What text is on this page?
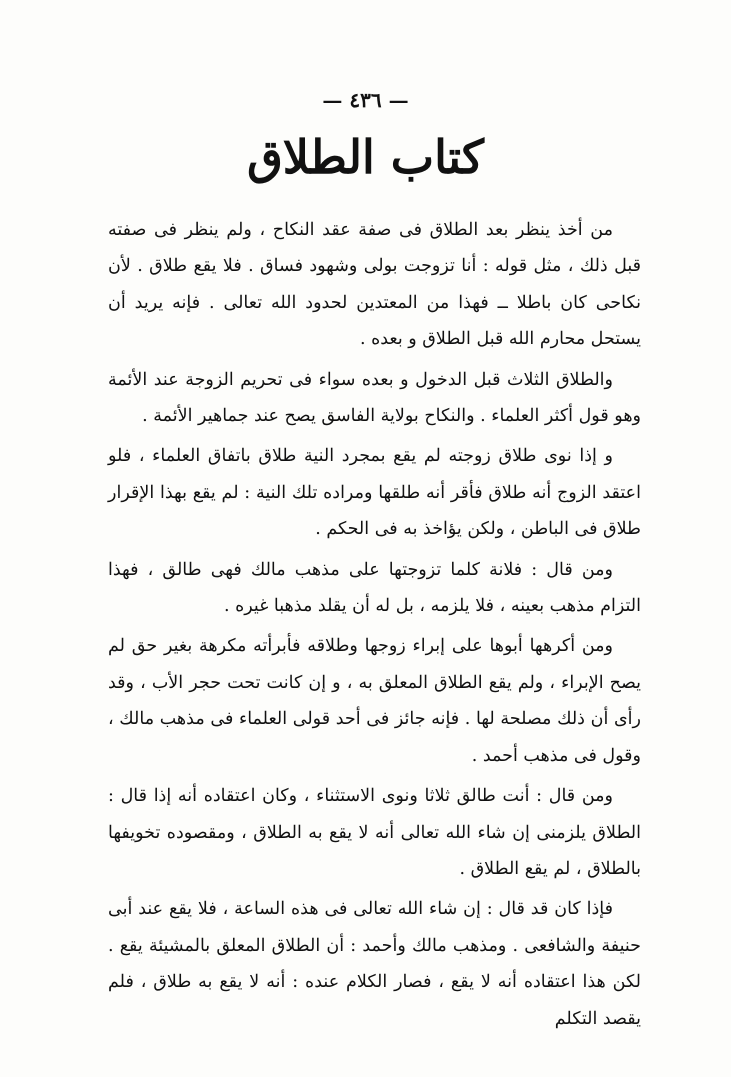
— ٤٣٦ —
كتاب الطلاق

من أخذ ينظر بعد الطلاق فى صفة عقد النكاح ، ولم ينظر فى صفته قبل ذلك ، مثل قوله : أنا تزوجت بولى وشهود فساق . فلا يقع طلاق . لأن نكاحى كان باطلا ــ فهذا من المعتدين لحدود الله تعالى . فإنه يريد أن يستحل محارم الله قبل الطلاق و بعده .

والطلاق الثلاث قبل الدخول و بعده سواء فى تحريم الزوجة عند الأئمة وهو قول أكثر العلماء . والنكاح بولاية الفاسق يصح عند جماهير الأئمة .

و إذا نوى طلاق زوجته لم يقع بمجرد النية طلاق باتفاق العلماء ، فلو اعتقد الزوج أنه طلاق فأقر أنه طلقها ومراده تلك النية : لم يقع بهذا الإقرار طلاق فى الباطن ، ولكن يؤاخذ به فى الحكم .

ومن قال : فلانة كلما تزوجتها على مذهب مالك فهى طالق ، فهذا التزام مذهب بعينه ، فلا يلزمه ، بل له أن يقلد مذهبا غيره .

ومن أكرهها أبوها على إبراء زوجها وطلاقه فأبرأته مكرهة بغير حق لم يصح الإبراء ، ولم يقع الطلاق المعلق به ، و إن كانت تحت حجر الأب ، وقد رأى أن ذلك مصلحة لها . فإنه جائز فى أحد قولى العلماء فى مذهب مالك ، وقول فى مذهب أحمد .

ومن قال : أنت طالق ثلاثا ونوى الاستثناء ، وكان اعتقاده أنه إذا قال : الطلاق يلزمنى إن شاء الله تعالى أنه لا يقع به الطلاق ، ومقصوده تخويفها بالطلاق ، لم يقع الطلاق .

فإذا كان قد قال : إن شاء الله تعالى فى هذه الساعة ، فلا يقع عند أبى حنيفة والشافعى . ومذهب مالك وأحمد : أن الطلاق المعلق بالمشيئة يقع . لكن هذا اعتقاده أنه لا يقع ، فصار الكلام عنده : أنه لا يقع به طلاق ، فلم يقصد التكلم
